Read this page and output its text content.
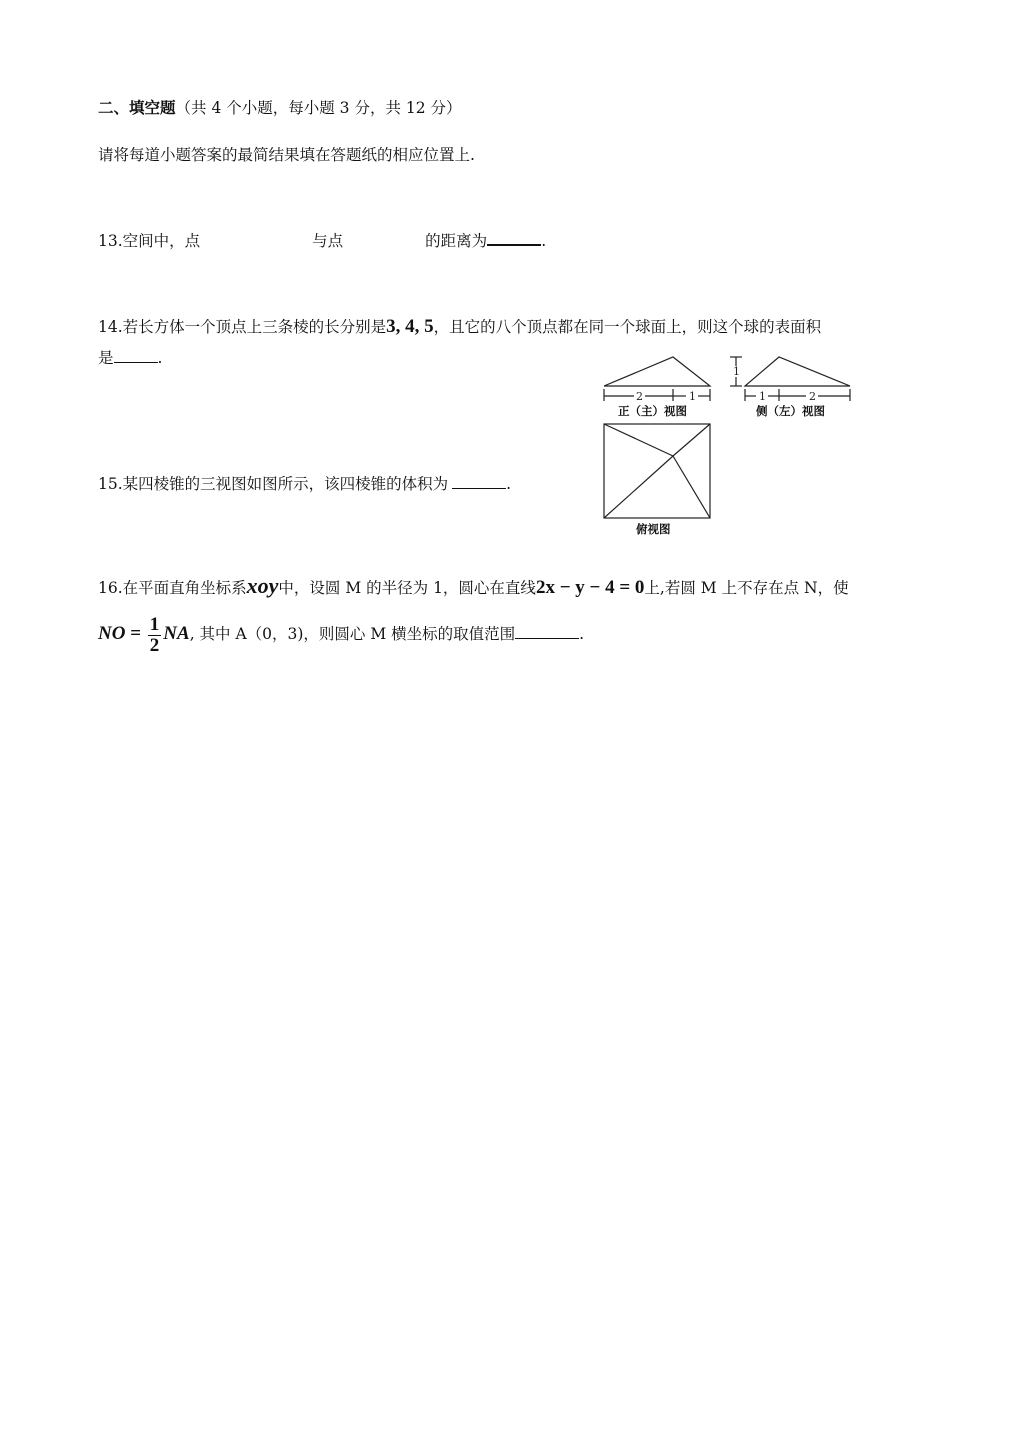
二、填空题（共 4 个小题，每小题 3 分，共 12 分）
请将每道小题答案的最简结果填在答题纸的相应位置上.
13.空间中，点	与点	的距离为	.
14.若长方体一个顶点上三条棱的长分别是3, 4, 5，且它的八个顶点都在同一个球面上，则这个球的表面积
是	.
15.某四棱锥的三视图如图所示，该四棱锥的体积为	.
2	1
1
1	2
正（主）视图	侧（左）视图
俯视图
16.在平面直角坐标系xoy中，设圆 M 的半径为 1，圆心在直线2x − y − 4 = 0上,若圆 M 上不存在点 N，使
NO = $\frac{1}{2}$ NA, 其中 A（0，3)，则圆心 M 横坐标的取值范围	.
